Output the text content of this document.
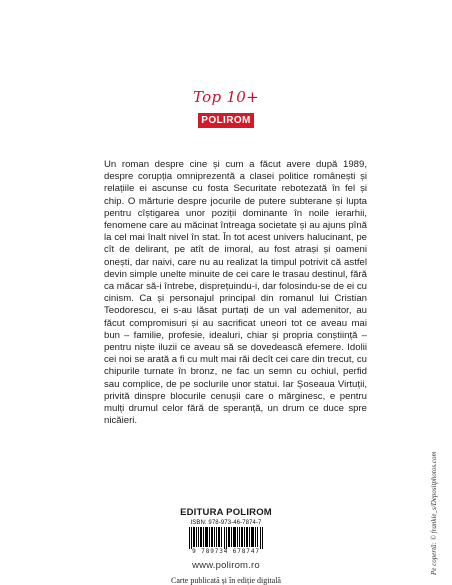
Top 10+
POLIROM

Un roman despre cine și cum a făcut avere după 1989, despre corupția omniprezentă a clasei politice românești și relațiile ei ascunse cu fosta Securitate rebotezată în fel și chip. O mărturie despre jocurile de putere subterane și lupta pentru cîștigarea unor poziții dominante în noile ierarhii, fenomene care au măcinat întreaga societate și au ajuns pînă la cel mai înalt nivel în stat. În tot acest univers halucinant, pe cît de delirant, pe atît de imoral, au fost atrași și oameni onești, dar naivi, care nu au realizat la timpul potrivit că astfel devin simple unelte minuite de cei care le trasau destinul, fără ca măcar să-i întrebe, disprețuindu-i, dar folosindu-se de ei cu cinism. Ca și personajul principal din romanul lui Cristian Teodorescu, ei s-au lăsat purtați de un val ademenitor, au făcut compromisuri și au sacrificat uneori tot ce aveau mai bun – familie, profesie, idealuri, chiar și propria conștiință – pentru niște iluzii ce aveau să se dovedească efemere. Idolii cei noi se arată a fi cu mult mai răi decît cei care din trecut, cu chipurile turnate în bronz, ne fac un semn cu ochiul, perfid sau complice, de pe soclurile unor statui. Iar Șoseaua Virtuții, privită dinspre blocurile cenușii care o mărginesc, e pentru mulți drumul celor fără de speranță, un drum ce duce spre nicăieri.

EDITURA POLIROM
ISBN: 978-973-46-7874-7
9 789734 678747
www.polirom.ro
Carte publicată și în ediție digitală
Pe copertă: © frankie_s/Depositphotos.com
